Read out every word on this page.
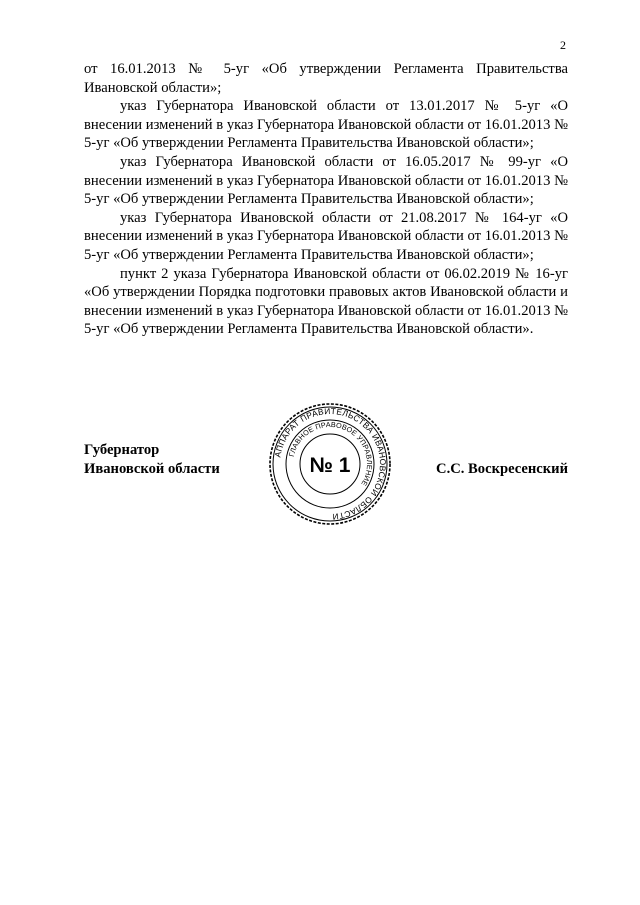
2

от 16.01.2013 № 5-уг «Об утверждении Регламента Правительства Ивановской области»;

указ Губернатора Ивановской области от 13.01.2017 № 5-уг «О внесении изменений в указ Губернатора Ивановской области от 16.01.2013 № 5-уг «Об утверждении Регламента Правительства Ивановской области»;

указ Губернатора Ивановской области от 16.05.2017 № 99-уг «О внесении изменений в указ Губернатора Ивановской области от 16.01.2013 № 5-уг «Об утверждении Регламента Правительства Ивановской области»;

указ Губернатора Ивановской области от 21.08.2017 № 164-уг «О внесении изменений в указ Губернатора Ивановской области от 16.01.2013 № 5-уг «Об утверждении Регламента Правительства Ивановской области»;

пункт 2 указа Губернатора Ивановской области от 06.02.2019 № 16-уг «Об утверждении Порядка подготовки правовых актов Ивановской области и внесении изменений в указ Губернатора Ивановской области от 16.01.2013 № 5-уг «Об утверждении Регламента Правительства Ивановской области».

Губернатор
Ивановской области	С.С. Воскресенский
АППАРАТ ПРАВИТЕЛЬСТВА ИВАНОВСКОЙ ОБЛАСТИ
ГЛАВНОЕ ПРАВОВОЕ УПРАВЛЕНИЕ
№ 1
